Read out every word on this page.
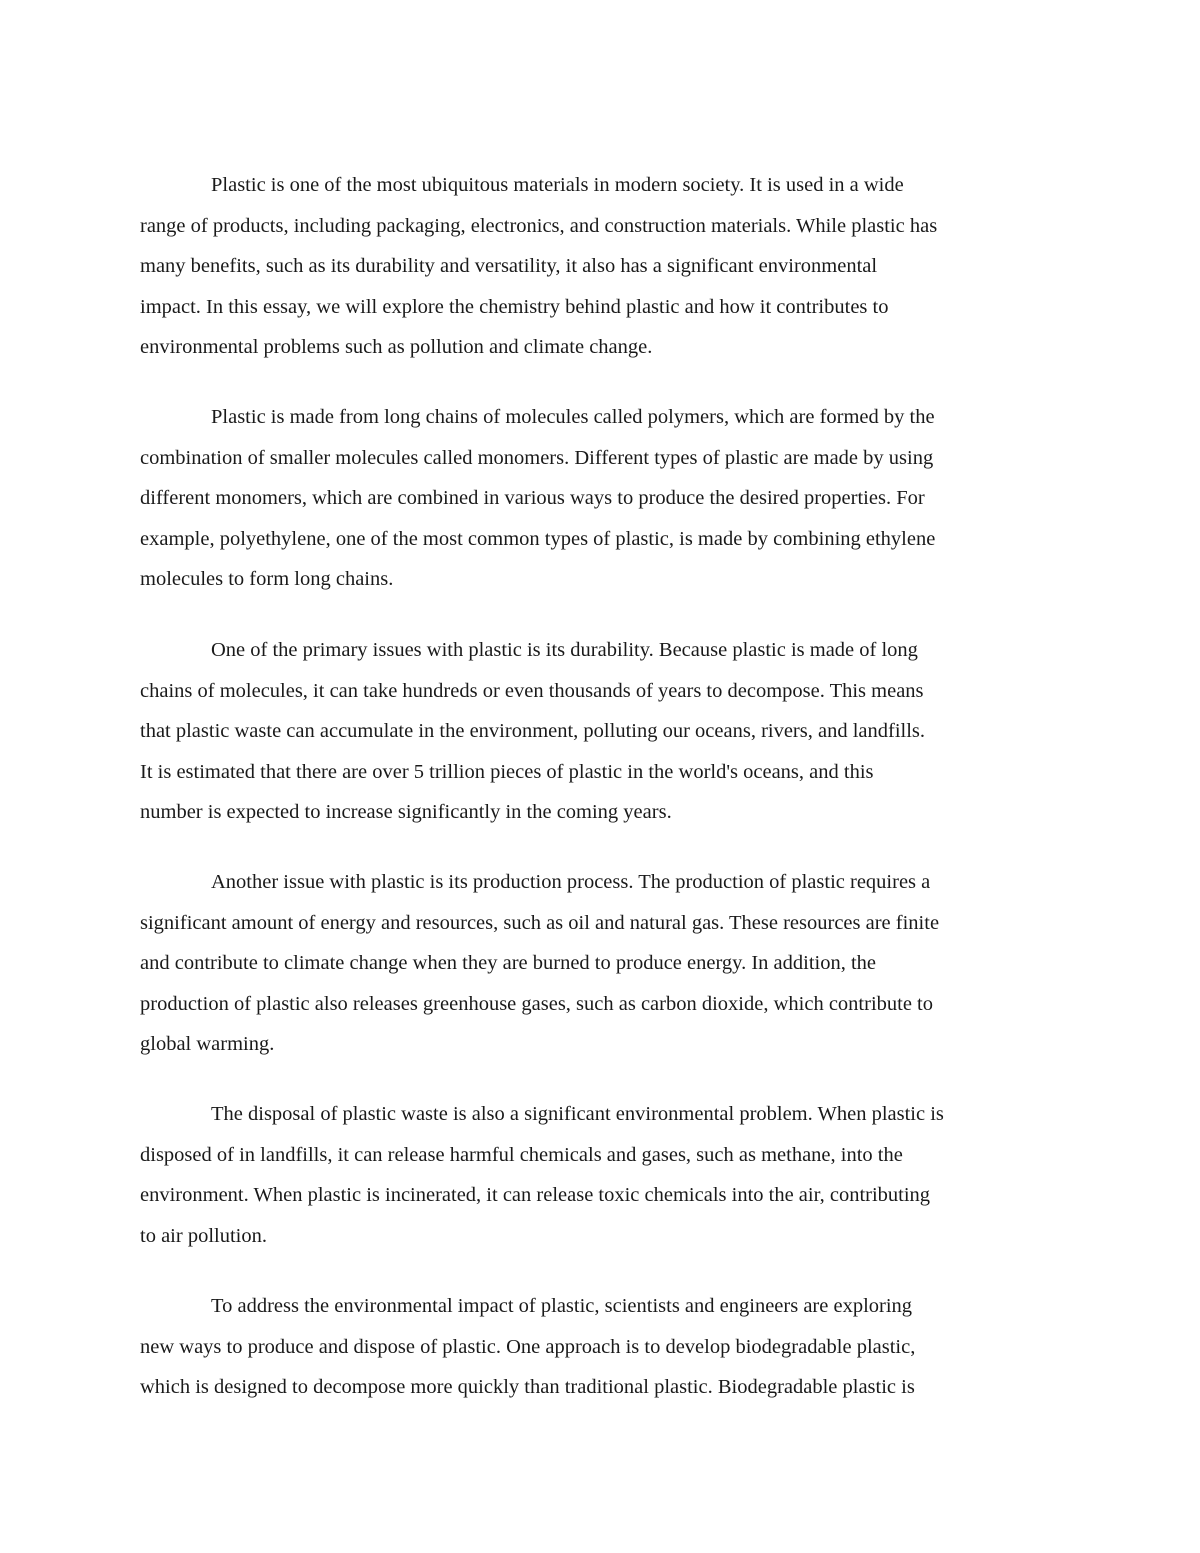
Plastic is one of the most ubiquitous materials in modern society. It is used in a wide
range of products, including packaging, electronics, and construction materials. While plastic has
many benefits, such as its durability and versatility, it also has a significant environmental
impact. In this essay, we will explore the chemistry behind plastic and how it contributes to
environmental problems such as pollution and climate change.

Plastic is made from long chains of molecules called polymers, which are formed by the
combination of smaller molecules called monomers. Different types of plastic are made by using
different monomers, which are combined in various ways to produce the desired properties. For
example, polyethylene, one of the most common types of plastic, is made by combining ethylene
molecules to form long chains.

One of the primary issues with plastic is its durability. Because plastic is made of long
chains of molecules, it can take hundreds or even thousands of years to decompose. This means
that plastic waste can accumulate in the environment, polluting our oceans, rivers, and landfills.
It is estimated that there are over 5 trillion pieces of plastic in the world's oceans, and this
number is expected to increase significantly in the coming years.

Another issue with plastic is its production process. The production of plastic requires a
significant amount of energy and resources, such as oil and natural gas. These resources are finite
and contribute to climate change when they are burned to produce energy. In addition, the
production of plastic also releases greenhouse gases, such as carbon dioxide, which contribute to
global warming.

The disposal of plastic waste is also a significant environmental problem. When plastic is
disposed of in landfills, it can release harmful chemicals and gases, such as methane, into the
environment. When plastic is incinerated, it can release toxic chemicals into the air, contributing
to air pollution.

To address the environmental impact of plastic, scientists and engineers are exploring
new ways to produce and dispose of plastic. One approach is to develop biodegradable plastic,
which is designed to decompose more quickly than traditional plastic. Biodegradable plastic is
